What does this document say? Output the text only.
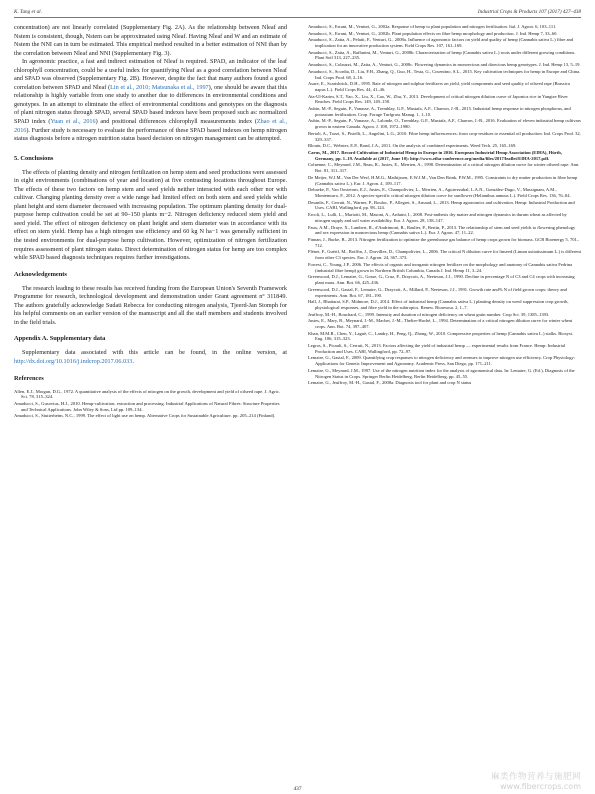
K. Tang et al.	Industrial Crops & Products 107 (2017) 427–438

concentration) are not linearly correlated (Supplementary Fig. 2A). As the relationship between Nleaf and Nstem is consistent, though, Nstem can be approximated using Nleaf. Having Nleaf and W and an estimate of Nstem the NNI can in turn be estimated. This empirical method resulted in a better estimation of NNI than by the correlation between Nleaf and NNI (Supplementary Fig. 3).

In agronomic practice, a fast and indirect estimation of Nleaf is required. SPAD, an indicator of the leaf chlorophyll concentration, could be a useful index for quantifying Nleaf as a good correlation between Nleaf and SPAD was observed (Supplementary Fig. 2B). However, despite the fact that many authors found a good correlation between SPAD and Nleaf (Lin et al., 2010; Matsunaka et al., 1997), one should be aware that this relationship is highly variable from one study to another due to differences in environmental conditions and genotypes. In an attempt to eliminate the effect of environmental conditions and genotypes on the diagnosis of plant nitrogen status through SPAD, several SPAD based indexes have been proposed such as: normalized SPAD index (Yuan et al., 2016) and positional differences chlorophyll measurements index (Zhao et al., 2016). Further study is necessary to evaluate the performance of these SPAD based indexes on hemp nitrogen status diagnosis before a nitrogen nutrition status based decision on nitrogen management can be attempted.

5. Conclusions

The effects of planting density and nitrogen fertilization on hemp stem and seed productions were assessed in eight environments (combinations of year and location) at five contrasting locations throughout Europe. The effects of these two factors on hemp stem and seed yields neither interacted with each other nor with cultivar. Changing planting density over a wide range had limited effect on both stem and seed yields while plant height and stem diameter decreased with increasing population. The optimum planting density for dual-purpose hemp cultivation could be set at 90–150 plants m−2. Nitrogen deficiency reduced stem yield and seed yield. The effect of nitrogen deficiency on plant height and stem diameter was in accordance with its effect on stem yield. Hemp has a high nitrogen use efficiency and 60 kg N ha−1 was generally sufficient in the tested environments for dual-purpose hemp cultivation. However, optimization of nitrogen fertilization requires assessment of plant nitrogen status. Direct determination of nitrogen status for hemp are too complex while SPAD based diagnosis techniques requires further investigations.

Acknowledgements

The research leading to these results has received funding from the European Union's Seventh Framework Programme for research, technological development and demonstration under Grant agreement n° 311849. The authors gratefully acknowledge Sudati Rebecca for conducting nitrogen analysis, Tjeerd-Jan Stomph for his helpful comments on an earlier version of the manuscript and all the staff members and students involved in the field trials.

Appendix A. Supplementary data

Supplementary data associated with this article can be found, in the online version, at http://dx.doi.org/10.1016/j.indcrop.2017.06.033.

References
Allen, E.J., Morgan, D.G., 1972. A quantitative analysis of the effects of nitrogen on the growth, development and yield of oilseed rape. J. Agric. Sci. 78, 315–324.
Amaducci, S., Gusovius, H.J., 2010. Hemp-cultivation, extraction and processing. Industrial Applications of Natural Fibres: Structure Properties and Technical Applications. John Wiley & Sons, Ltd pp. 109–134.
Amaducci, S., Stutterheim, N.C., 1999. The effect of light use on hemp. Alternative Crops for Sustainable Agriculture. pp. 205–214 (Finland).
Amaducci, S., Errani, M., Venturi, G., 2002a. Response of hemp to plant population and nitrogen fertilisation. Ital. J. Agron. 6, 103–111.
Amaducci, S., Errani, M., Venturi, G., 2002b. Plant population effects on fibre hemp morphology and production. J. Ind. Hemp 7, 33–60.
Amaducci, S., Zatta, A., Pelatti, F., Venturi, G., 2008a. Influence of agronomic factors on yield and quality of hemp (Cannabis sativa L.) fibre and implication for an innovative production system. Field Crops Res. 107, 161–169.
Amaducci, S., Zatta, A., Raffanini, M., Venturi, G., 2008b. Characterisation of hemp (Cannabis sativa L.) roots under different growing conditions. Plant Soil 313, 227–235.
Amaducci, S., Colauzzi, M., Zatta, A., Venturi, G., 2008c. Flowering dynamics in monoecious and dioecious hemp genotypes. J. Ind. Hemp 13, 5–19.
Amaducci, S., Scordia, D., Liu, F.H., Zhang, Q., Guo, H., Testa, G., Cosentino, S.L., 2015. Key cultivation techniques for hemp in Europe and China. Ind. Crops Prod. 68, 2–16.
Asare, E., Scarisbrick, D.H., 1995. Rate of nitrogen and sulphur fertilizers on yield, yield components and seed quality of oilseed rape (Brassica napus L.). Field Crops Res. 44, 41–46.
Ata-Ul-Karim, S.T., Yao, X., Liu, X., Cao, W., Zhu, Y., 2013. Development of critical nitrogen dilution curve of Japonica rice in Yangtze River Reaches. Field Crops Res. 149, 149–158.
Aubin, M.-P., Seguin, P., Vanasse, A., Tremblay, G.F., Mustafa, A.F., Charron, J.-B., 2015. Industrial hemp response to nitrogen phosphorus, and potassium fertilization. Crop. Forage Turfgrass Manag. 1, 1–10.
Aubin, M.-P., Seguin, P., Vanasse, A., Lalonde, O., Tremblay, G.F., Mustafa, A.F., Charron, J.-B., 2016. Evaluation of eleven industrial hemp cultivars grown in eastern Canada. Agron. J. 108, 1972–1980.
Bertoli, A., Tozzi, S., Pistelli, L., Angelini, L.G., 2010. Fibre hemp inflorescences: from crop-residues to essential oil production. Ind. Crops Prod. 32, 329–337.
Blouin, D.C., Webster, E.P., Bond, J.A., 2011. On the analysis of combined experiments. Weed Tech. 25, 165–169.
Carus, M., 2017. Record Cultivation of Industrial Hemp in Europe in 2016. European Industrial Hemp Association (EIHA), Hürth, Germany, pp. 1–19. Available at (2017, June 10): http://www.eiha-conference.org/media/files/2017/leaflet/EIHA-2017.pdf.
Colnenne, C., Meynard, J.M., Reau, R., Justes, E., Merrien, A., 1998. Determination of a critical nitrogen dilution curve for winter oilseed rape. Ann. Bot. 81, 311–317.
De Meijer, W.J.M., Van Der Werf, H.M.G., Mathijssen, E.W.J.M., Van Den Brink, P.W.M., 1995. Constraints to dry matter production in fibre hemp (Cannabis sativa L.). Eur. J. Agron. 4, 109–117.
Debaeke, P., Van Oosterom, E.J., Justes, E., Champolivier, L., Merrien, A., Aguirrezabal, L.A.N., González-Dugo, V., Massignam, A.M., Montemurro, F., 2012. A species-specific critical nitrogen dilution curve for sunflower (Helianthus annuus L.). Field Crops Res. 136, 76–84.
Desanlis, F., Cerruti, N., Warner, P., Bouloc, P., Allegret, S., Arnaud, L., 2013. Hemp agronomics and cultivation. Hemp: Industrial Production and Uses. CABI, Wallingford, pp. 98–124.
Ercoli, L., Lulli, L., Mariotti, M., Masoni, A., Arduini, I., 2008. Post-anthesis dry matter and nitrogen dynamics in durum wheat as affected by nitrogen supply and soil water availability. Eur. J. Agron. 28, 138–147.
Faux, A.M., Draye, X., Lambert, R., d'Andrimont, R., Raulier, P., Bertin, P., 2013. The relationship of stem and seed yields to flowering phenology and sex expression in monoecious hemp (Cannabis sativa L.). Eur. J. Agron. 47, 11–22.
Finnan, J., Burke, B., 2013. Nitrogen fertilization to optimize the greenhouse gas balance of hemp crops grown for biomass. GCB Bioenergy 5, 701–712.
Flénet, F., Guérif, M., Boiffin, J., Dorvillez, D., Champolivier, L., 2006. The critical N dilution curve for linseed (Linum usitatissimum L.) is different from other C3 species. Eur. J. Agron. 24, 367–373.
Forrest, C., Young, J.P., 2006. The effects of organic and inorganic nitrogen fertilizer on the morphology and anatomy of Cannabis sativa Fedrina (industrial fibre hemp) grown in Northern British Columbia, Canada J. Ind. Hemp 11, 3–24.
Greenwood, D.J., Lemaire, G., Gosse, G., Cruz, P., Draycott, A., Neeteson, J.J., 1990. Decline in percentage N of C3 and C4 crops with increasing plant mass. Ann. Bot. 66, 425–436.
Greenwood, D.J., Gastal, F., Lemaire, G., Draycott, A., Millard, P., Neeteson, J.J., 1991. Growth rate and% N of field grown crops: theory and experiments. Ann. Bot. 67, 181–190.
Hall, J., Bhattarai, S.P., Midmore, D.J., 2014. Effect of industrial hemp (Cannabis sativa L.) planting density on weed suppression crop growth, physiological responses, and fibre yield in the subtropics. Renew. Bioresour. 2, 1–7.
Jeuffroy, M.-H., Bouchard, C., 1999. Intensity and duration of nitrogen deficiency on wheat grain number. Crop Sci. 39, 1385–1393.
Justes, E., Mary, B., Meynard, J.-M., Machet, J.-M., Thelier-Huché, L., 1994. Determination of a critical nitrogen dilution curve for winter wheat crops. Ann. Bot. 74, 397–407.
Khan, M.M.R., Chen, Y., Laguë, C., Landry, H., Peng, Q., Zhong, W., 2010. Compressive properties of hemp (Cannabis sativa L.) stalks. Biosyst. Eng. 106, 315–323.
Legros, S., Picault, S., Cerruti, N., 2013. Factors affecting the yield of industrial hemp — experimental results from France. Hemp: Industrial Production and Uses. CABI, Wallingford, pp. 72–97.
Lemaire, G., Gastal, F., 2009. Quantifying crop responses to nitrogen deficiency and avenues to improve nitrogen use efficiency. Crop Physiology: Applications for Genetic Improvement and Agronomy. Academic Press, San Diego, pp. 171–211.
Lemaire, G., Meynard, J.M., 1997. Use of the nitrogen nutrition index for the analysis of agronomical data. In: Lemaire, G. (Ed.), Diagnosis of the Nitrogen Status in Crops. Springer Berlin Heidelberg, Berlin Heidelberg, pp. 45–55.
Lemaire, G., Jeuffroy, M.-H., Gastal, F., 2008a. Diagnosis tool for plant and crop N status
437
麻类作物营养与施肥网
www.fibercrops.com
